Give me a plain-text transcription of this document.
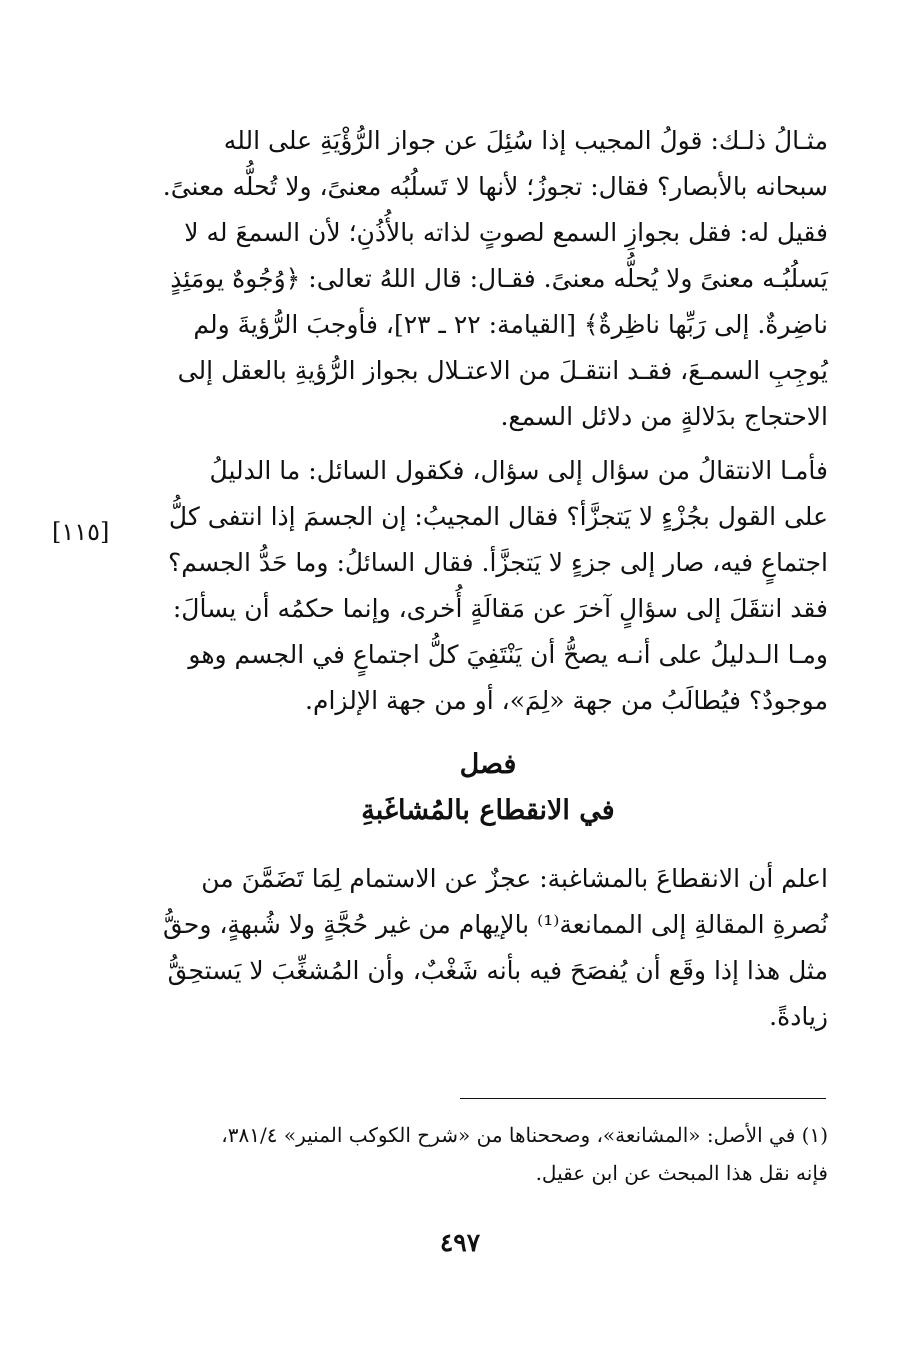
مثـالُ ذلـك: قولُ المجيب إذا سُئِلَ عن جواز الرُّؤْيَةِ على الله
سبحانه بالأبصار؟ فقال: تجوزُ؛ لأنها لا تَسلُبُه معنىً، ولا تُحلُّه معنىً.
فقيل له: فقل بجوازِ السمع لصوتٍ لذاته بالأُذُنِ؛ لأن السمعَ له لا
يَسلُبُـه معنىً ولا يُحلُّه معنىً. فقـال: قال اللهُ تعالى: ﴿وُجُوهٌ يومَئِذٍ
ناضِرةٌ. إلى رَبِّها ناظِرةٌ﴾ [القيامة: ٢٢ ـ ٢٣]، فأوجبَ الرُّؤيةَ ولم
يُوجِبِ السمـعَ، فقـد انتقـلَ من الاعتـلال بجواز الرُّؤيةِ بالعقل إلى
الاحتجاج بدَلالةٍ من دلائل السمع.

فأمـا الانتقالُ من سؤال إلى سؤال، فكقول السائل: ما الدليلُ
على القول بجُزْءٍ لا يَتجزَّأ؟ فقال المجيبُ: إن الجسمَ إذا انتفى كلُّ
اجتماعٍ فيه، صار إلى جزءٍ لا يَتجزَّأ. فقال السائلُ: وما حَدُّ الجسم؟
فقد انتقَلَ إلى سؤالٍ آخرَ عن مَقالَةٍ أُخرى، وإنما حكمُه أن يسألَ:
ومـا الـدليلُ على أنـه يصحُّ أن يَنْتَفِيَ كلُّ اجتماعٍ في الجسم وهو
موجودٌ؟ فيُطالَبُ من جهة «لِمَ»، أو من جهة الإلزام.

فصل

في الانقطاع بالمُشاغَبةِ

اعلم أن الانقطاعَ بالمشاغبة: عجزٌ عن الاستمام لِمَا تَضَمَّنَ من
نُصرةِ المقالةِ إلى الممانعة⁽¹⁾ بالإيهام من غير حُجَّةٍ ولا شُبهةٍ، وحقُّ
مثل هذا إذا وقَع أن يُفصَحَ فيه بأنه شَغْبٌ، وأن المُشغِّبَ لا يَستحِقُّ
زيادةً.

[١١٥]
(١) في الأصل: «المشانعة»، وصححناها من «شرح الكوكب المنير» ٣٨١/٤،
فإنه نقل هذا المبحث عن ابن عقيل.
٤٩٧
